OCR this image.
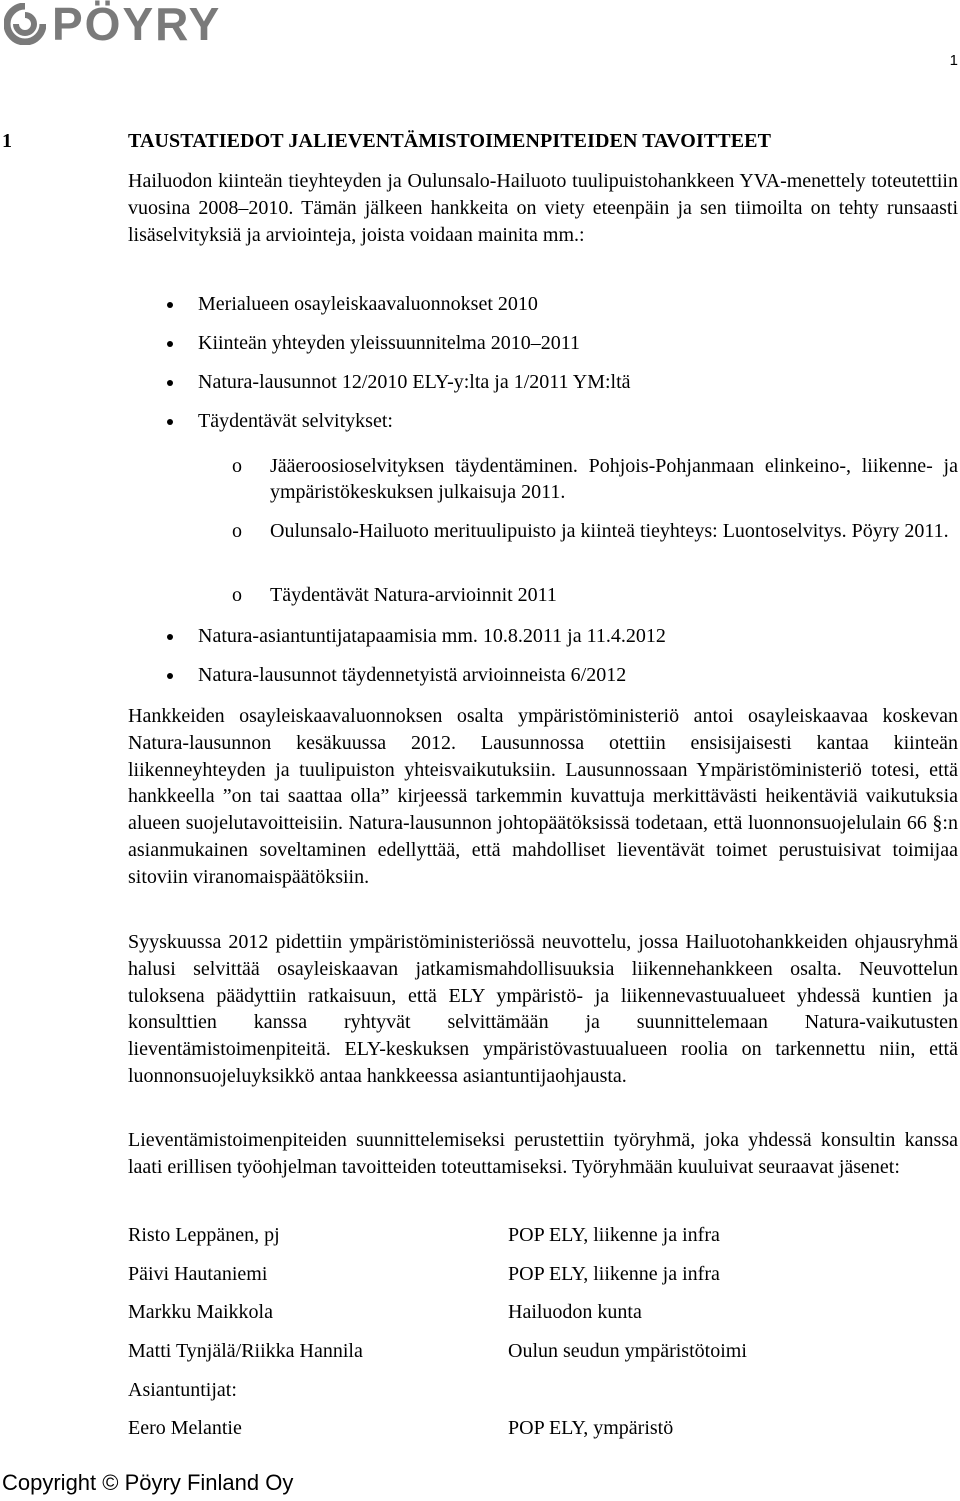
PÖYRY
1
1	TAUSTATIEDOT JALIEVENTÄMISTOIMENPITEIDEN TAVOITTEET

Hailuodon kiinteän tieyhteyden ja Oulunsalo-Hailuoto tuulipuistohankkeen YVA-menettely toteutettiin vuosina 2008–2010. Tämän jälkeen hankkeita on viety eteenpäin ja sen tiimoilta on tehty runsaasti lisäselvityksiä ja arviointeja, joista voidaan mainita mm.:

Merialueen osayleiskaavaluonnokset 2010
Kiinteän yhteyden yleissuunnitelma 2010–2011
Natura-lausunnot 12/2010 ELY-y:lta ja 1/2011 YM:ltä
Täydentävät selvitykset:
o Jääeroosioselvityksen täydentäminen. Pohjois-Pohjanmaan elinkeino-, liikenne- ja ympäristökeskuksen julkaisuja 2011.
o Oulunsalo-Hailuoto merituulipuisto ja kiinteä tieyhteys: Luontoselvitys. Pöyry 2011.
o Täydentävät Natura-arvioinnit 2011
Natura-asiantuntijatapaamisia mm. 10.8.2011 ja 11.4.2012
Natura-lausunnot täydennetyistä arvioinneista 6/2012

Hankkeiden osayleiskaavaluonnoksen osalta ympäristöministeriö antoi osayleiskaavaa koskevan Natura-lausunnon kesäkuussa 2012. Lausunnossa otettiin ensisijaisesti kantaa kiinteän liikenneyhteyden ja tuulipuiston yhteisvaikutuksiin. Lausunnossaan Ympäristöministeriö totesi, että hankkeella ”on tai saattaa olla” kirjeessä tarkemmin kuvattuja merkittävästi heikentäviä vaikutuksia alueen suojelutavoitteisiin. Natura-lausunnon johtopäätöksissä todetaan, että luonnonsuojelulain 66 §:n asianmukainen soveltaminen edellyttää, että mahdolliset lieventävät toimet perustuisivat toimijaa sitoviin viranomaispäätöksiin.

Syyskuussa 2012 pidettiin ympäristöministeriössä neuvottelu, jossa Hailuotohankkeiden ohjausryhmä halusi selvittää osayleiskaavan jatkamismahdollisuuksia liikennehankkeen osalta. Neuvottelun tuloksena päädyttiin ratkaisuun, että ELY ympäristö- ja liikennevastuualueet yhdessä kuntien ja konsulttien kanssa ryhtyvät selvittämään ja suunnittelemaan Natura-vaikutusten lieventämistoimenpiteitä. ELY-keskuksen ympäristövastuualueen roolia on tarkennettu niin, että luonnonsuojeluyksikkö antaa hankkeessa asiantuntijaohjausta.

Lieventämistoimenpiteiden suunnittelemiseksi perustettiin työryhmä, joka yhdessä konsultin kanssa laati erillisen työohjelman tavoitteiden toteuttamiseksi. Työryhmään kuuluivat seuraavat jäsenet:

Risto Leppänen, pj	POP ELY, liikenne ja infra
Päivi Hautaniemi	POP ELY, liikenne ja infra
Markku Maikkola	Hailuodon kunta
Matti Tynjälä/Riikka Hannila	Oulun seudun ympäristötoimi
Asiantuntijat:
Eero Melantie	POP ELY, ympäristö
Copyright © Pöyry Finland Oy
